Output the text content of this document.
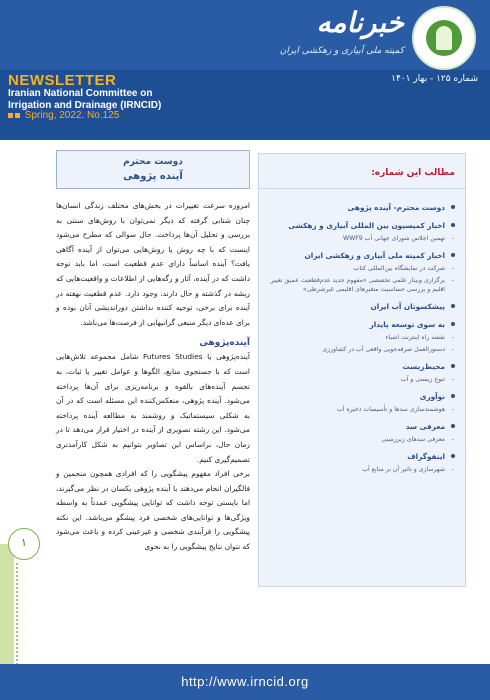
خبرنامه
کمیته ملی آبیاری و زهکشی ایران
شماره ۱۲۵ - بهار ۱۴۰۱
NEWSLETTER
Iranian National Committee on
Irrigation and Drainage (IRNCID)
Spring, 2022. No.125
دوست محترم
آینده پژوهی
امروزه سرعت تغییرات در بخش‌های مختلف زندگی انسان‌ها چنان شتابی گرفته که دیگر نمی‌توان با روش‌های سنتی به بررسی و تحلیل آن‌ها پرداخت. حال سوالی که مطرح می‌شود اینست که با چه روش یا روش‌هایی می‌توان از آینده آگاهی یافت؟ آینده اساساً دارای عدم قطعیت است، اما باید توجه داشت که در آینده، آثار و رگه‌هایی از اطلاعات و واقعیت‌هایی که ریشه در گذشته و حال دارند، وجود دارد. عدم قطعیت نهفته در آینده برای برخی، توجیه کننده نداشتن دوراندیشی آنان بوده و برای عده‌ای دیگر منبعی گرانبهایی از فرصت‌ها می‌باشد.
آینده‌پژوهی
آینده‌پژوهی یا Futures Studies شامل مجموعه تلاش‌هایی است که با جستجوی منابع، الگوها و عوامل تغییر یا ثبات، به تجسم آینده‌های بالقوه و برنامه‌ریزی برای آن‌ها پرداخته می‌شود. آینده پژوهی، منعکس‌کننده این مسئله است که در آن به شکلی سیستماتیک و روشمند به مطالعه آینده پرداخته می‌شود. این رشته تصویری از آینده در اختیار قرار می‌دهد تا در زمان حال، براساس این تصاویر بتوانیم به شکل کارآمدتری تصمیم‌گیری کنیم.
برخی افراد مفهوم پیشگویی را که افرادی همچون منجمین و فالگیران انجام می‌دهند با آینده پژوهی یکسان در نظر می‌گیرند، اما بایستی توجه داشت که توانایی پیشگویی عمدتاً به واسطه ویژگی‌ها و توانایی‌های شخصی فرد پیشگو می‌باشد. این نکته پیشگویی را فرآیندی شخصی و غیرعینی کرده و باعث می‌شود که نتوان نتایج پیشگویی را به نحوی
مطالب این شماره:
دوست محترم- آینده پژوهی
اخبار کمیسیون بین المللی آبیاری و زهکشی
- تهمین اجلاس شورای جهانی آب WWF9
اخبار کمیته ملی آبیاری و زهکشی ایران
- شرکت در نمایشگاه بین‌المللی کتاب
- برگزاری وبینار علمی تخصصی «مفهوم جدید عدم‌قطعیت عمیق تغییر اقلیم و بررسی حساسیت متغیرهای اقلیمی غیرشرطی»
پیشکسوتان آب ایران
به سوی توسعه پایدار
- نقشه راه اینترنت اشیاء
- دستورالعمل صرفه‌جویی واقعی آب در کشاورزی
محیط‌زیست
- تنوع زیستی و آب
نوآوری
- هوشمندسازی سدها و تأسیسات ذخیره آب
معرفی سد
- معرفی سدهای زیرزمینی
اینفوگراف
- شهرسازی و تاثیر آن بر منابع آب
۱
http://www.irncid.org
